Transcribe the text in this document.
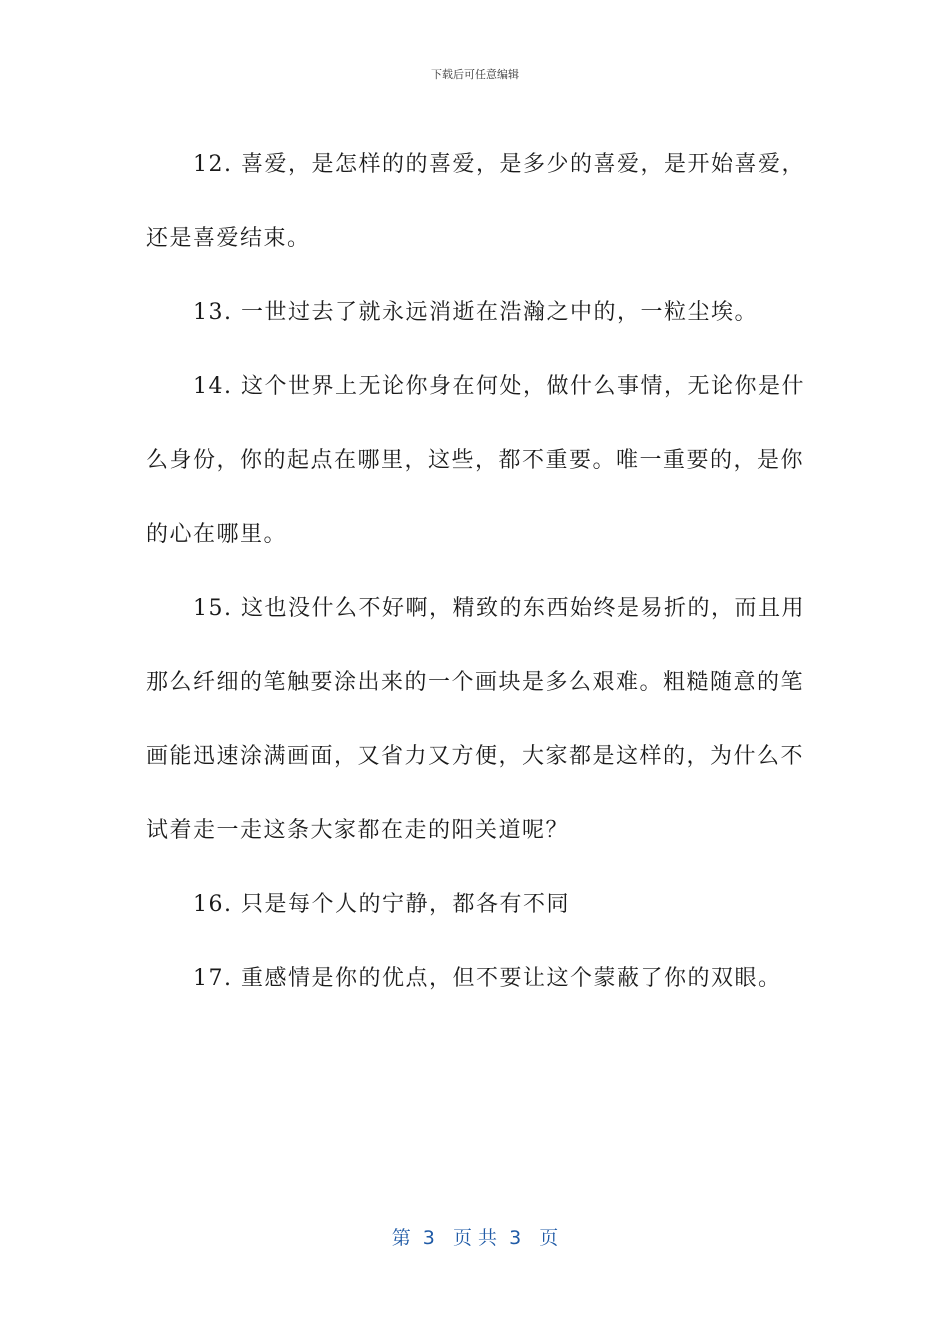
下载后可任意编辑

12. 喜爱，是怎样的的喜爱，是多少的喜爱，是开始喜爱，还是喜爱结束。

13. 一世过去了就永远消逝在浩瀚之中的，一粒尘埃。

14. 这个世界上无论你身在何处，做什么事情，无论你是什么身份，你的起点在哪里，这些，都不重要。唯一重要的，是你的心在哪里。

15. 这也没什么不好啊，精致的东西始终是易折的，而且用那么纤细的笔触要涂出来的一个画块是多么艰难。粗糙随意的笔画能迅速涂满画面，又省力又方便，大家都是这样的，为什么不试着走一走这条大家都在走的阳关道呢？

16. 只是每个人的宁静，都各有不同

17. 重感情是你的优点，但不要让这个蒙蔽了你的双眼。

第  3   页 共  3   页
